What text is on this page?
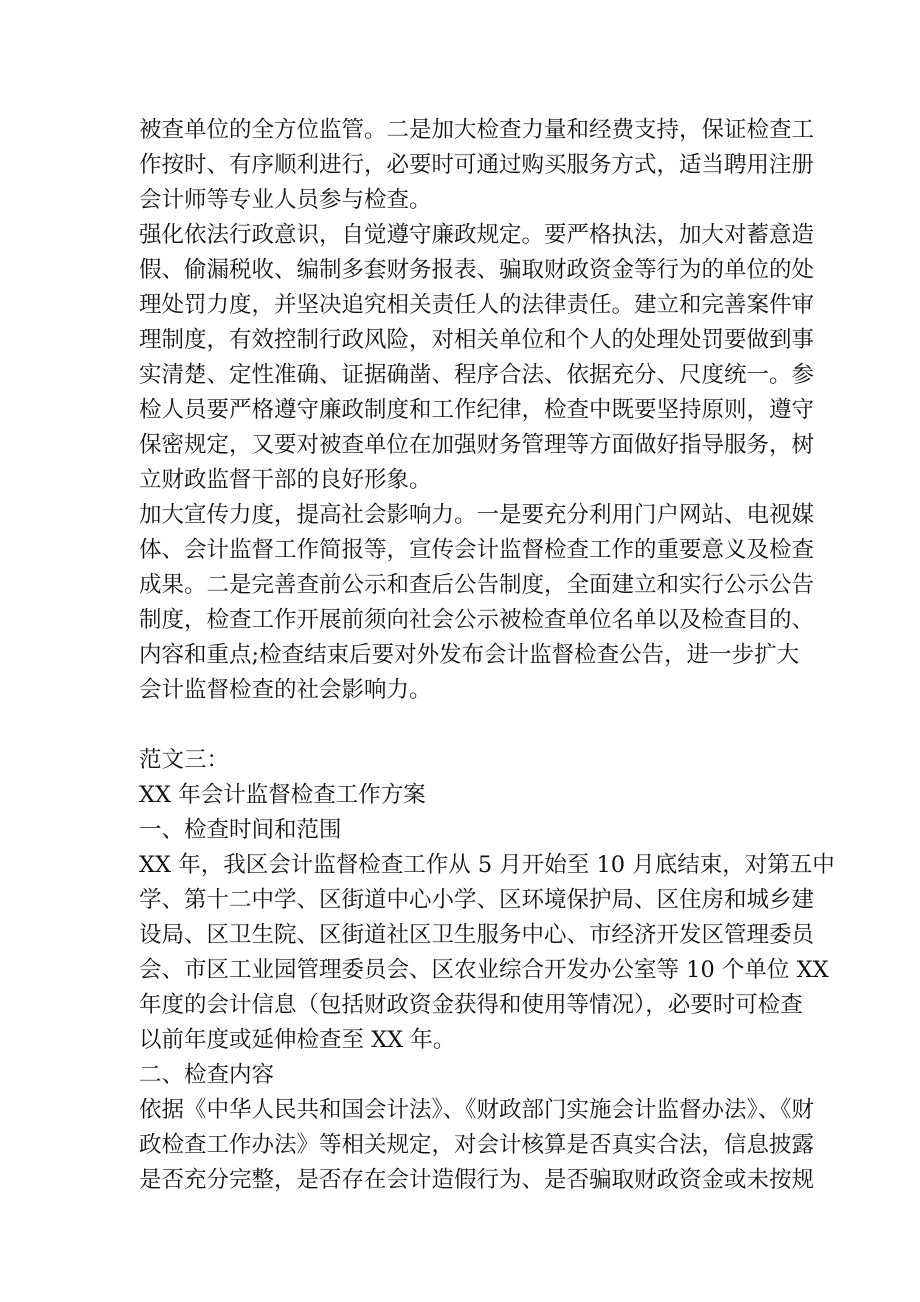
被查单位的全方位监管。二是加大检查力量和经费支持，保证检查工
作按时、有序顺利进行，必要时可通过购买服务方式，适当聘用注册
会计师等专业人员参与检查。
强化依法行政意识，自觉遵守廉政规定。要严格执法，加大对蓄意造
假、偷漏税收、编制多套财务报表、骗取财政资金等行为的单位的处
理处罚力度，并坚决追究相关责任人的法律责任。建立和完善案件审
理制度，有效控制行政风险，对相关单位和个人的处理处罚要做到事
实清楚、定性准确、证据确凿、程序合法、依据充分、尺度统一。参
检人员要严格遵守廉政制度和工作纪律，检查中既要坚持原则，遵守
保密规定，又要对被查单位在加强财务管理等方面做好指导服务，树
立财政监督干部的良好形象。
加大宣传力度，提高社会影响力。一是要充分利用门户网站、电视媒
体、会计监督工作简报等，宣传会计监督检查工作的重要意义及检查
成果。二是完善查前公示和查后公告制度，全面建立和实行公示公告
制度，检查工作开展前须向社会公示被检查单位名单以及检查目的、
内容和重点;检查结束后要对外发布会计监督检查公告，进一步扩大
会计监督检查的社会影响力。
范文三：
XX 年会计监督检查工作方案
一、检查时间和范围
XX 年，我区会计监督检查工作从 5 月开始至 10 月底结束，对第五中
学、第十二中学、区街道中心小学、区环境保护局、区住房和城乡建
设局、区卫生院、区街道社区卫生服务中心、市经济开发区管理委员
会、市区工业园管理委员会、区农业综合开发办公室等 10 个单位 XX
年度的会计信息（包括财政资金获得和使用等情况），必要时可检查
以前年度或延伸检查至 XX 年。
二、检查内容
依据《中华人民共和国会计法》、《财政部门实施会计监督办法》、《财
政检查工作办法》等相关规定，对会计核算是否真实合法，信息披露
是否充分完整，是否存在会计造假行为、是否骗取财政资金或未按规
